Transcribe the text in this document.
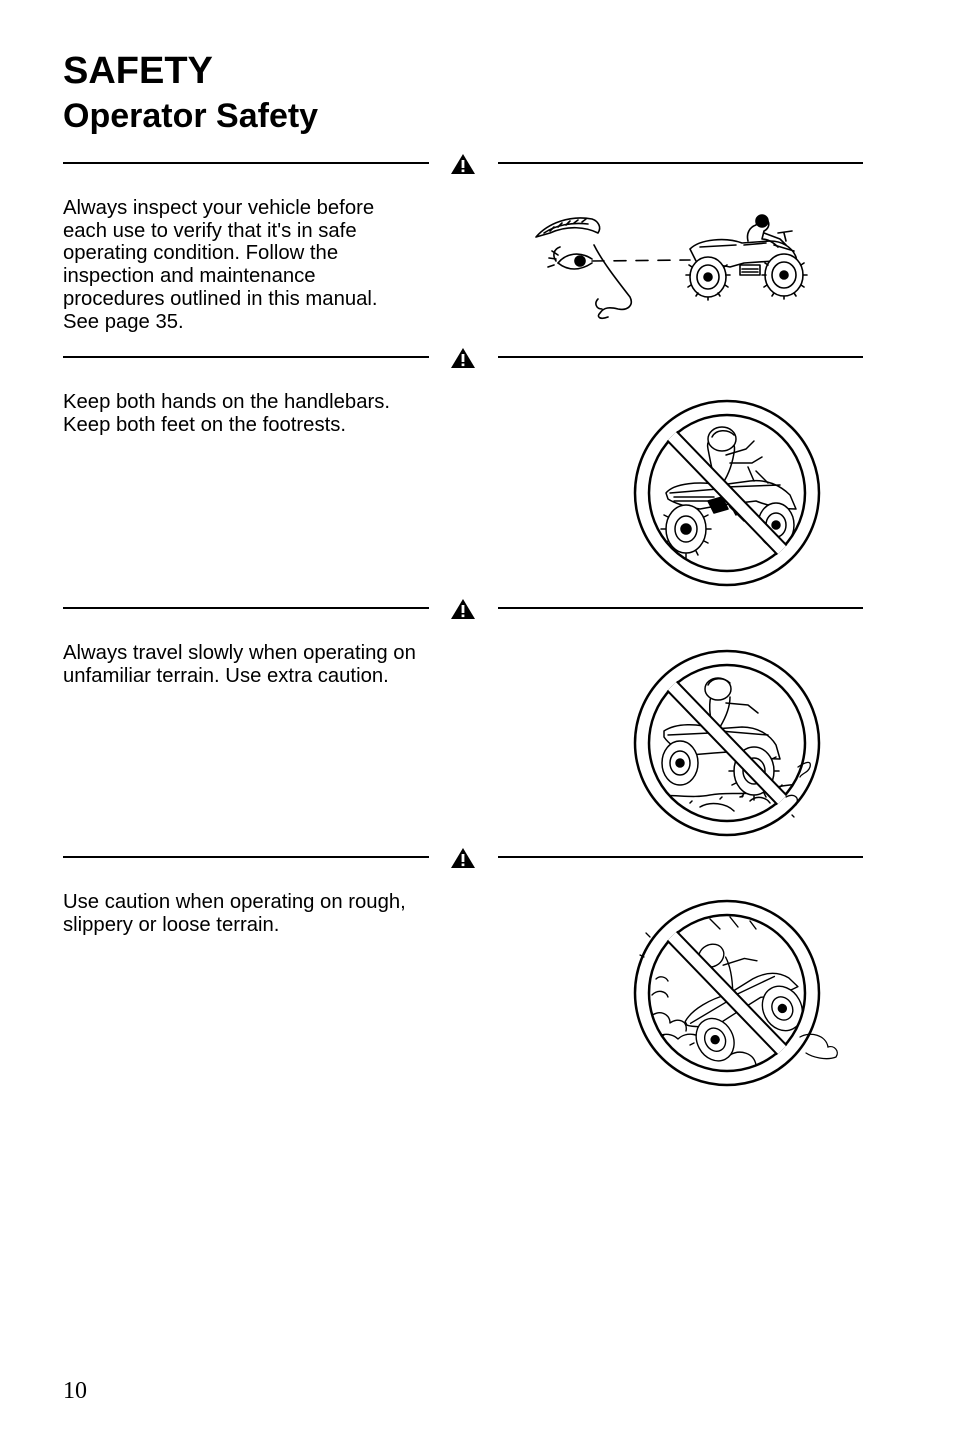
SAFETY
Operator Safety
Always inspect your vehicle before
each use to verify that it's in safe
operating condition. Follow the
inspection and maintenance
procedures outlined in this manual.
See page 35.
Keep both hands on the handlebars.
Keep both feet on the footrests.
Always travel slowly when operating on
unfamiliar terrain. Use extra caution.
Use caution when operating on rough,
slippery or loose terrain.
10
